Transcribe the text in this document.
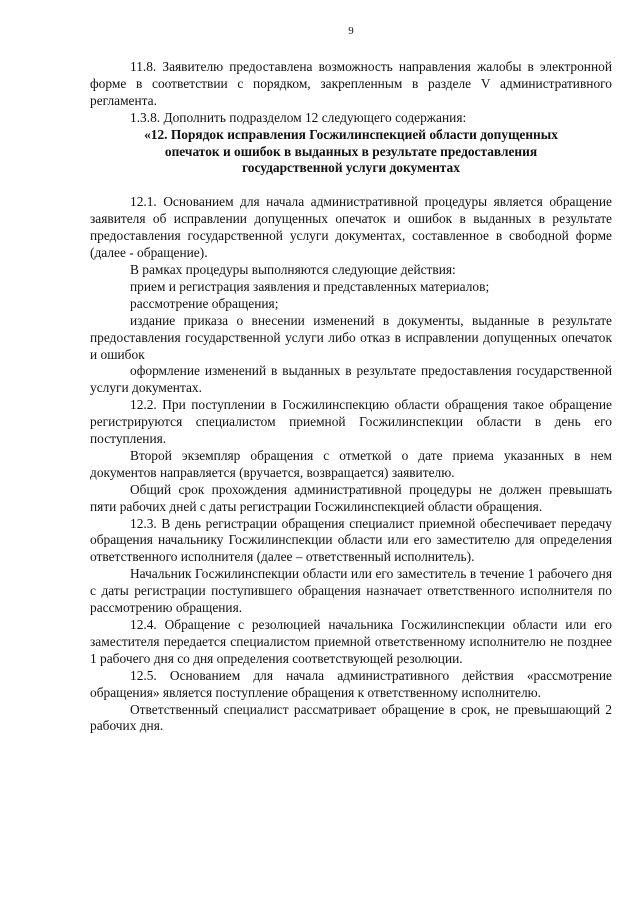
9

11.8. Заявителю предоставлена возможность направления жалобы в электронной форме в соответствии с порядком, закрепленным в разделе V административного регламента.

1.3.8. Дополнить подразделом 12 следующего содержания:

«12. Порядок исправления Госжилинспекцией области допущенных
опечаток и ошибок в выданных в результате предоставления
государственной услуги документах

12.1. Основанием для начала административной процедуры является обращение заявителя об исправлении допущенных опечаток и ошибок в выданных в результате предоставления государственной услуги документах, составленное в свободной форме (далее - обращение).

В рамках процедуры выполняются следующие действия:

прием и регистрация заявления и представленных материалов;

рассмотрение обращения;

издание приказа о внесении изменений в документы, выданные в результате предоставления государственной услуги либо отказ в исправлении допущенных опечаток и ошибок

оформление изменений в выданных в результате предоставления государственной услуги документах.

12.2. При поступлении в Госжилинспекцию области обращения такое обращение регистрируются специалистом приемной Госжилинспекции области в день его поступления.

Второй экземпляр обращения с отметкой о дате приема указанных в нем документов направляется (вручается, возвращается) заявителю.

Общий срок прохождения административной процедуры не должен превышать пяти рабочих дней с даты регистрации Госжилинспекцией области обращения.

12.3. В день регистрации обращения специалист приемной обеспечивает передачу обращения начальнику Госжилинспекции области или его заместителю для определения ответственного исполнителя (далее – ответственный исполнитель).

Начальник Госжилинспекции области или его заместитель в течение 1 рабочего дня с даты регистрации поступившего обращения назначает ответственного исполнителя по рассмотрению обращения.

12.4. Обращение с резолюцией начальника Госжилинспекции области или его заместителя передается специалистом приемной ответственному исполнителю не позднее 1 рабочего дня со дня определения соответствующей резолюции.

12.5. Основанием для начала административного действия «рассмотрение обращения» является поступление обращения к ответственному исполнителю.

Ответственный специалист рассматривает обращение в срок, не превышающий 2 рабочих дня.
